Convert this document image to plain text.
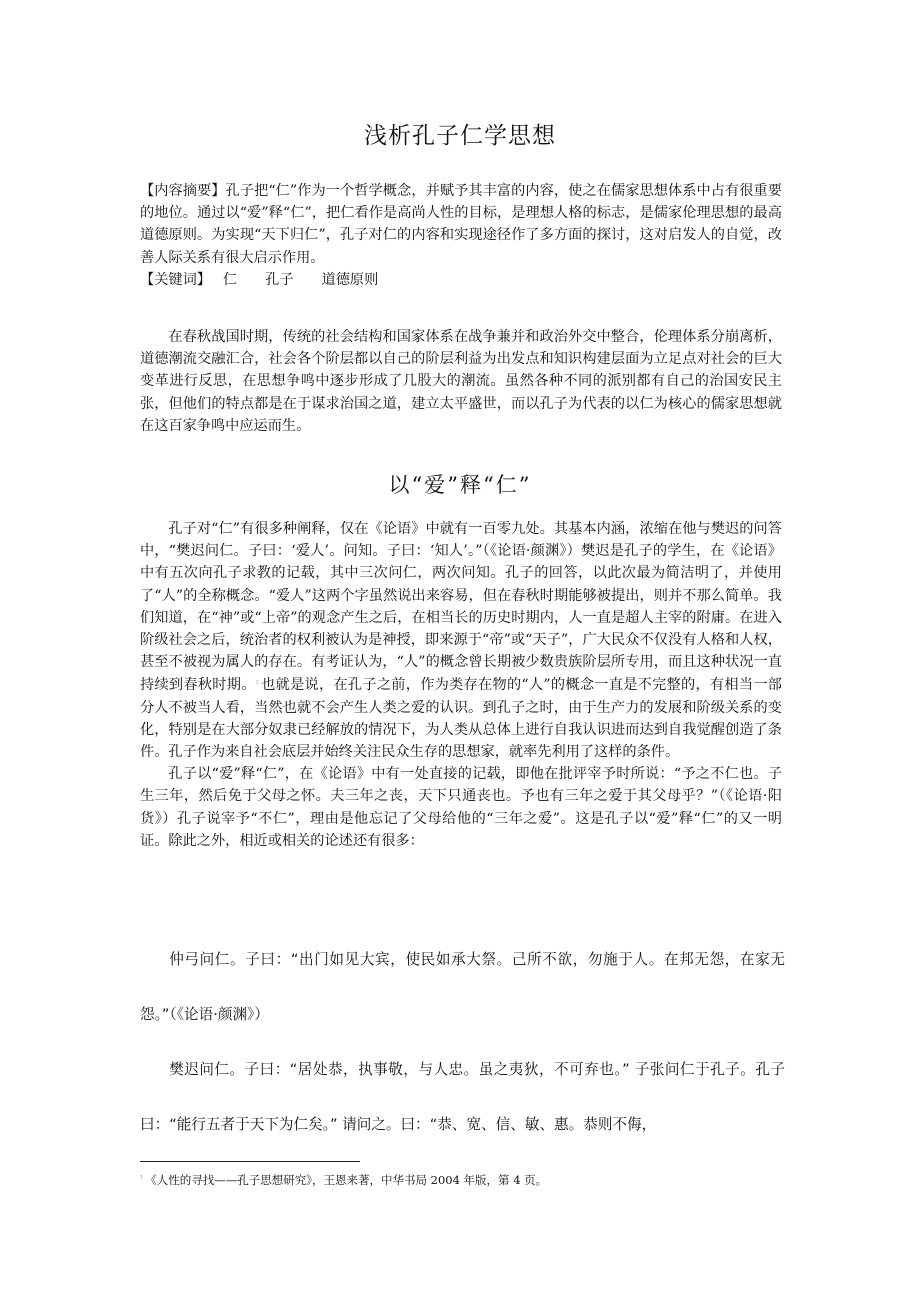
浅析孔子仁学思想

【内容摘要】孔子把“仁”作为一个哲学概念，并赋予其丰富的内容，使之在儒家思想体系中占有很重要的地位。通过以“爱”释“仁”，把仁看作是高尚人性的目标，是理想人格的标志，是儒家伦理思想的最高道德原则。为实现“天下归仁”，孔子对仁的内容和实现途径作了多方面的探讨，这对启发人的自觉，改善人际关系有很大启示作用。

【关键词】 仁 孔子 道德原则

在春秋战国时期，传统的社会结构和国家体系在战争兼并和政治外交中整合，伦理体系分崩离析，道德潮流交融汇合，社会各个阶层都以自己的阶层利益为出发点和知识构建层面为立足点对社会的巨大变革进行反思，在思想争鸣中逐步形成了几股大的潮流。虽然各种不同的派别都有自己的治国安民主张，但他们的特点都是在于谋求治国之道，建立太平盛世，而以孔子为代表的以仁为核心的儒家思想就在这百家争鸣中应运而生。

以“爱”释“仁”

孔子对“仁”有很多种阐释，仅在《论语》中就有一百零九处。其基本内涵，浓缩在他与樊迟的问答中，“樊迟问仁。子曰：‘爱人’。问知。子曰：‘知人’。”（《论语·颜渊》）樊迟是孔子的学生，在《论语》中有五次向孔子求教的记载，其中三次问仁，两次问知。孔子的回答，以此次最为简洁明了，并使用了“人”的全称概念。“爱人”这两个字虽然说出来容易，但在春秋时期能够被提出，则并不那么简单。我们知道，在“神”或“上帝”的观念产生之后，在相当长的历史时期内，人一直是超人主宰的附庸。在进入阶级社会之后，统治者的权利被认为是神授，即来源于“帝”或“天子”，广大民众不仅没有人格和人权，甚至不被视为属人的存在。有考证认为，“人”的概念曾长期被少数贵族阶层所专用，而且这种状况一直持续到春秋时期。$^{^1}$ 也就是说，在孔子之前，作为类存在物的“人”的概念一直是不完整的，有相当一部分人不被当人看，当然也就不会产生人类之爱的认识。到孔子之时，由于生产力的发展和阶级关系的变化，特别是在大部分奴隶已经解放的情况下，为人类从总体上进行自我认识进而达到自我觉醒创造了条件。孔子作为来自社会底层并始终关注民众生存的思想家，就率先利用了这样的条件。

孔子以“爱”释“仁”，在《论语》中有一处直接的记载，即他在批评宰予时所说：“予之不仁也。子生三年，然后免于父母之怀。夫三年之丧，天下只通丧也。予也有三年之爱于其父母乎？”（《论语·阳货》）孔子说宰予“不仁”，理由是他忘记了父母给他的“三年之爱”。这是孔子以“爱”释“仁”的又一明证。除此之外，相近或相关的论述还有很多：

仲弓问仁。子曰：“出门如见大宾，使民如承大祭。己所不欲，勿施于人。在邦无怨，在家无怨。”（《论语·颜渊》）

樊迟问仁。子曰：“居处恭，执事敬，与人忠。虽之夷狄，不可弃也。” 子张问仁于孔子。孔子曰：“能行五者于天下为仁矣。” 请问之。曰：“恭、宽、信、敏、惠。恭则不侮，

$^{^1}$ 《人性的寻找——孔子思想研究》，王恩来著，中华书局 2004 年版，第 4 页。
